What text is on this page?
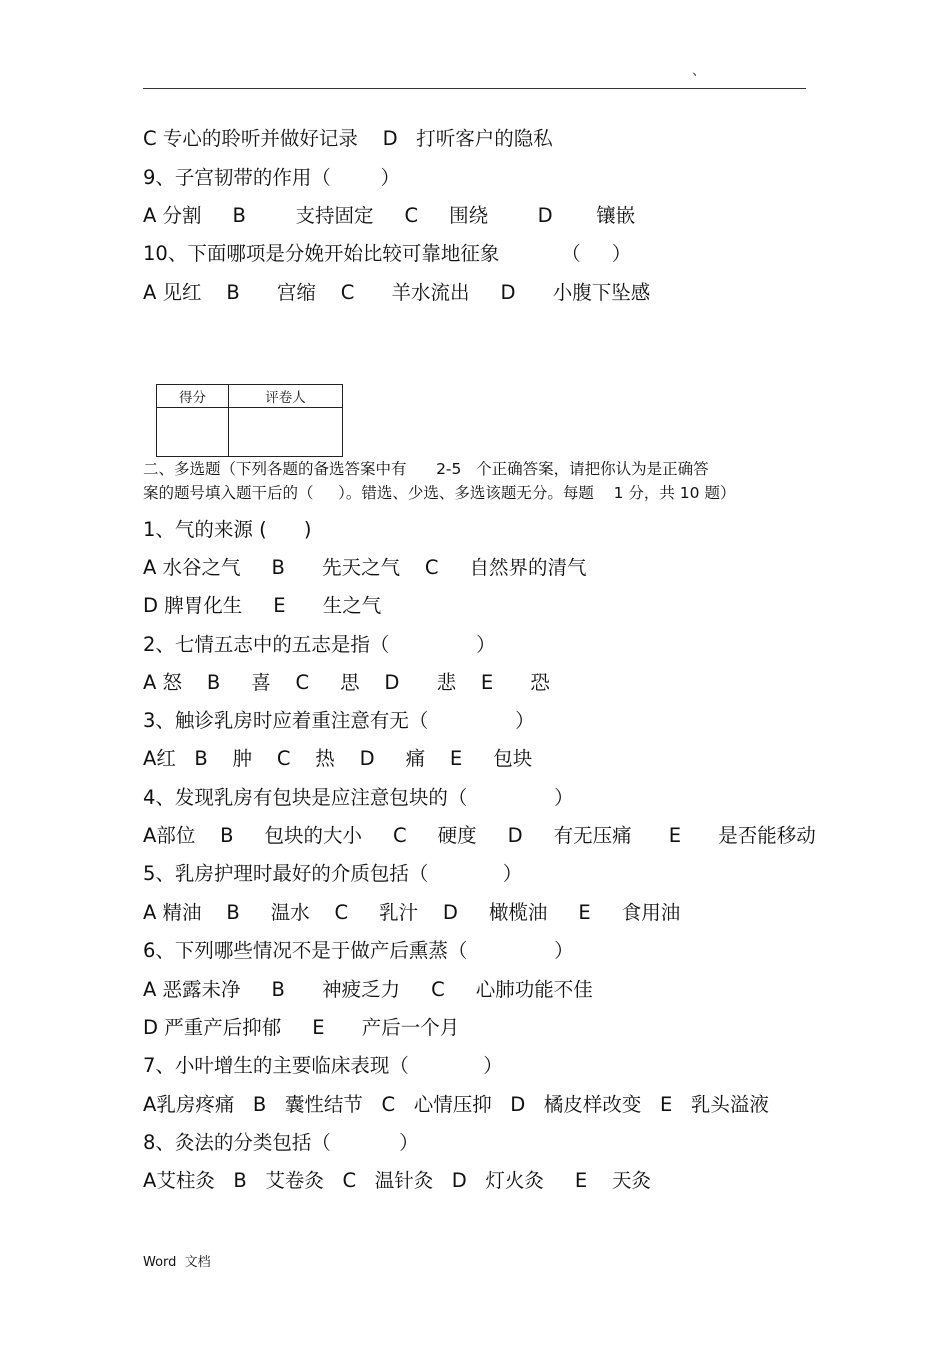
、
C 专心的聆听并做好记录    D   打听客户的隐私
9、子宫韧带的作用（        ）
A 分割     B        支持固定     C     围绕        D       镶嵌
10、下面哪项是分娩开始比较可靠地征象          （     ）
A 见红    B      宫缩    C      羊水流出     D      小腹下坠感
得分	评卷人

二、多选题（下列各题的备选答案中有      2-5   个正确答案，请把你认为是正确答
案的题号填入题干后的（     ）。错选、少选、多选该题无分。每题    1 分，共 10 题）
1、气的来源 (      )
A 水谷之气     B      先天之气    C     自然界的清气
D 脾胃化生     E      生之气
2、七情五志中的五志是指（              ）
A 怒    B     喜    C     思    D      悲    E      恐
3、触诊乳房时应着重注意有无（              ）
A红   B    肿    C    热    D     痛    E     包块
4、发现乳房有包块是应注意包块的（              ）
A部位    B     包块的大小     C     硬度     D     有无压痛      E      是否能移动
5、乳房护理时最好的介质包括（            ）
A 精油    B     温水    C     乳汁    D     橄榄油     E     食用油
6、下列哪些情况不是于做产后熏蒸（              ）
A 恶露未净     B      神疲乏力     C     心肺功能不佳
D 严重产后抑郁     E      产后一个月
7、小叶增生的主要临床表现（            ）
A乳房疼痛   B   囊性结节   C   心情压抑   D   橘皮样改变   E   乳头溢液
8、灸法的分类包括（           ）
A艾柱灸   B   艾卷灸   C   温针灸   D   灯火灸     E    天灸
Word  文档
